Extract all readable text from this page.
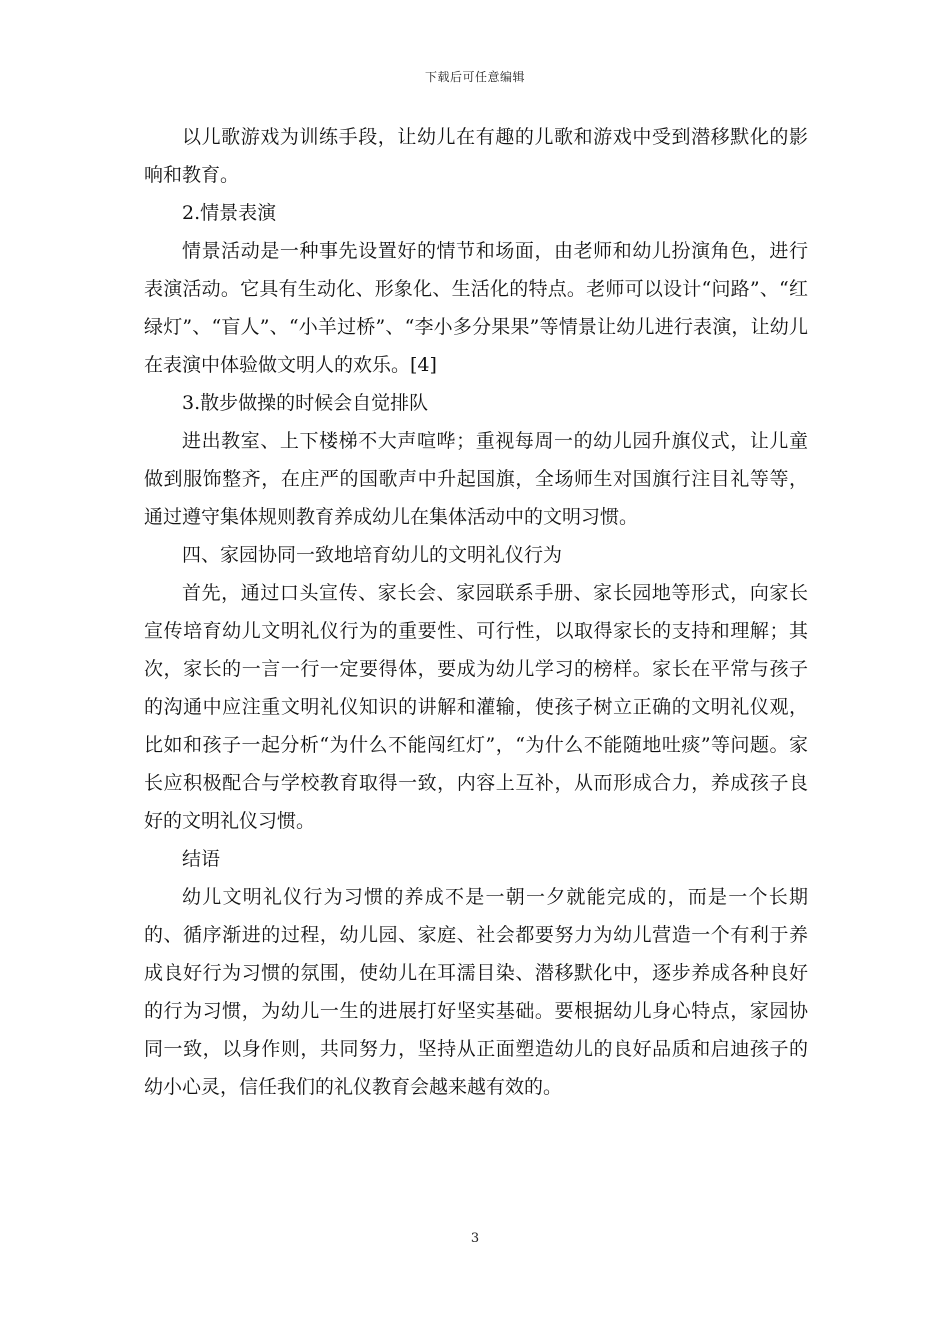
下载后可任意编辑

以儿歌游戏为训练手段，让幼儿在有趣的儿歌和游戏中受到潜移默化的影响和教育。

2.情景表演

情景活动是一种事先设置好的情节和场面，由老师和幼儿扮演角色，进行表演活动。它具有生动化、形象化、生活化的特点。老师可以设计“问路”、“红绿灯”、“盲人”、“小羊过桥”、“李小多分果果”等情景让幼儿进行表演，让幼儿在表演中体验做文明人的欢乐。[4]

3.散步做操的时候会自觉排队

进出教室、上下楼梯不大声喧哗；重视每周一的幼儿园升旗仪式，让儿童做到服饰整齐，在庄严的国歌声中升起国旗，全场师生对国旗行注目礼等等，通过遵守集体规则教育养成幼儿在集体活动中的文明习惯。

四、家园协同一致地培育幼儿的文明礼仪行为

首先，通过口头宣传、家长会、家园联系手册、家长园地等形式，向家长宣传培育幼儿文明礼仪行为的重要性、可行性，以取得家长的支持和理解；其次，家长的一言一行一定要得体，要成为幼儿学习的榜样。家长在平常与孩子的沟通中应注重文明礼仪知识的讲解和灌输，使孩子树立正确的文明礼仪观，比如和孩子一起分析“为什么不能闯红灯”，“为什么不能随地吐痰”等问题。家长应积极配合与学校教育取得一致，内容上互补，从而形成合力，养成孩子良好的文明礼仪习惯。

结语

幼儿文明礼仪行为习惯的养成不是一朝一夕就能完成的，而是一个长期的、循序渐进的过程，幼儿园、家庭、社会都要努力为幼儿营造一个有利于养成良好行为习惯的氛围，使幼儿在耳濡目染、潜移默化中，逐步养成各种良好的行为习惯，为幼儿一生的进展打好坚实基础。要根据幼儿身心特点，家园协同一致，以身作则，共同努力，坚持从正面塑造幼儿的良好品质和启迪孩子的幼小心灵，信任我们的礼仪教育会越来越有效的。

3
